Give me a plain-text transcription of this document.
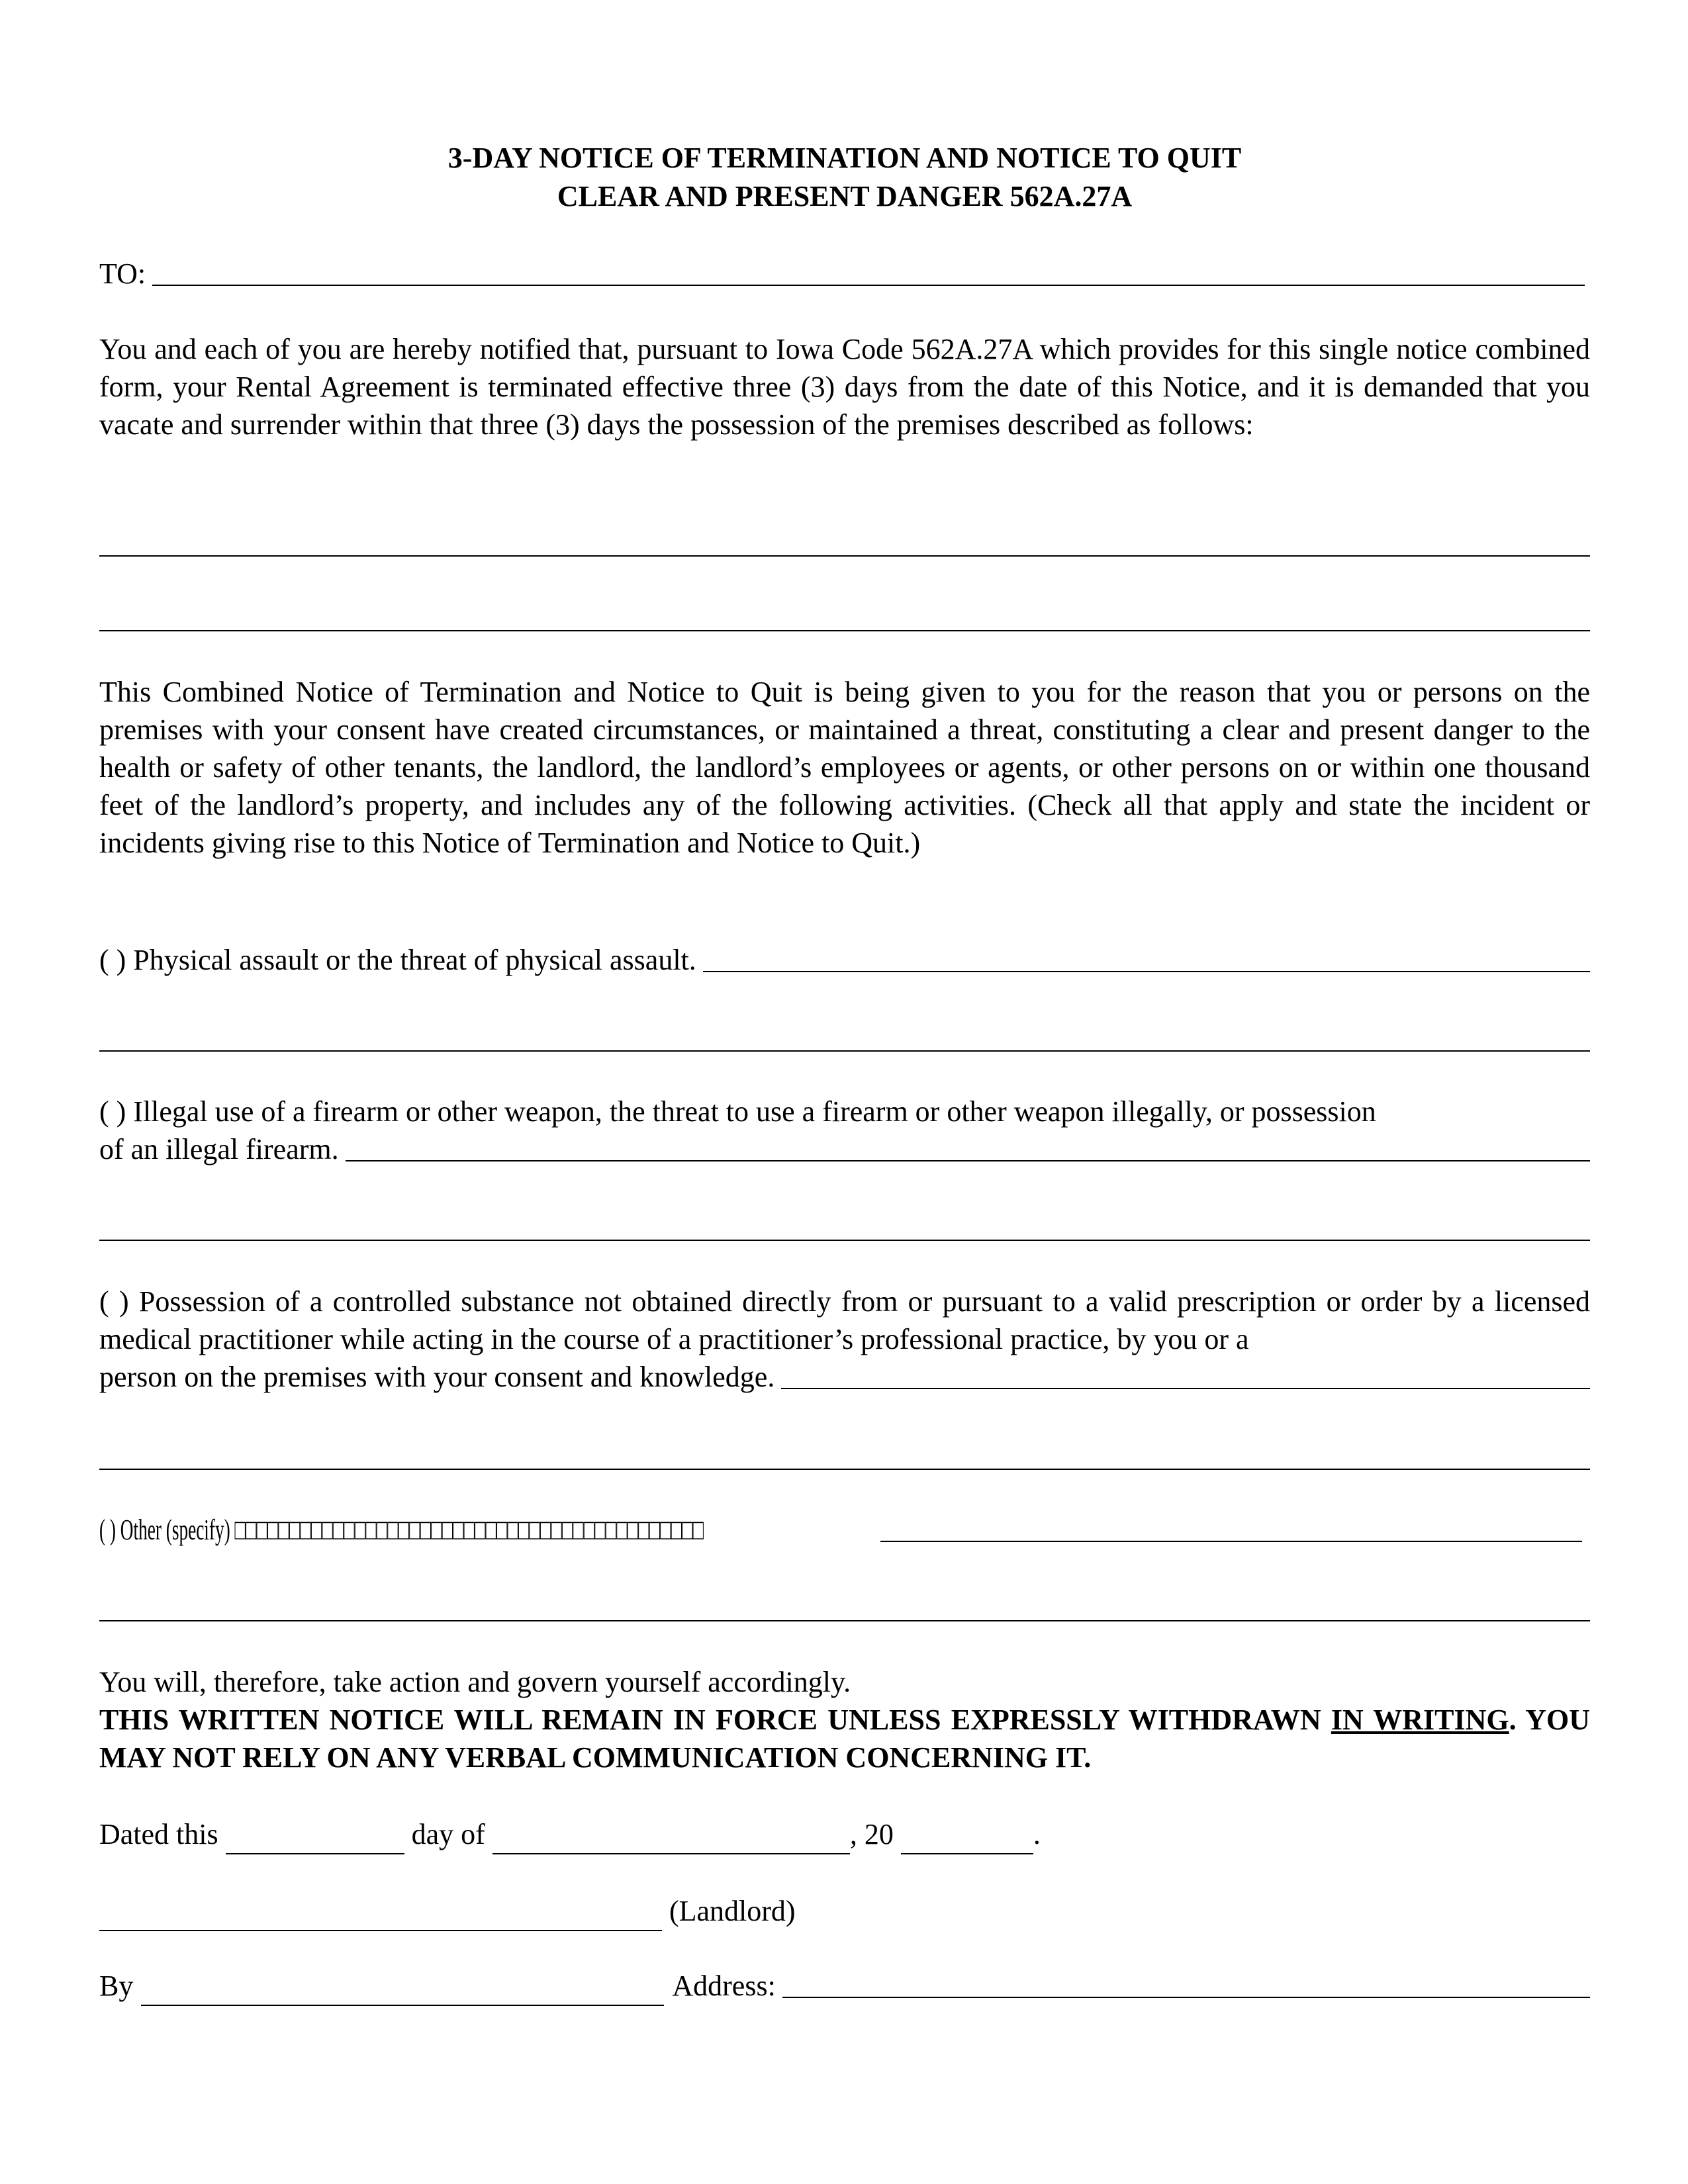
3-DAY NOTICE OF TERMINATION AND NOTICE TO QUIT
CLEAR AND PRESENT DANGER 562A.27A
TO:
You and each of you are hereby notified that, pursuant to Iowa Code 562A.27A which provides for this single notice combined form, your Rental Agreement is terminated effective three (3) days from the date of this Notice, and it is demanded that you vacate and surrender within that three (3) days the possession of the premises described as follows:
This Combined Notice of Termination and Notice to Quit is being given to you for the reason that you or persons on the premises with your consent have created circumstances, or maintained a threat, constituting a clear and present danger to the health or safety of other tenants, the landlord, the landlord’s employees or agents, or other persons on or within one thousand feet of the landlord’s property, and includes any of the following activities. (Check all that apply and state the incident or incidents giving rise to this Notice of Termination and Notice to Quit.)
( ) Physical assault or the threat of physical assault.
( ) Illegal use of a firearm or other weapon, the threat to use a firearm or other weapon illegally, or possession
of an illegal firearm.
( ) Possession of a controlled substance not obtained directly from or pursuant to a valid prescription or order by a licensed medical practitioner while acting in the course of a practitioner’s professional practice, by you or a
person on the premises with your consent and knowledge.
( ) Other (specify) □□□□□□□□□□□□□□□□□□□□□□□□□□□□□□□□□□□□□□□□□□□
You will, therefore, take action and govern yourself accordingly.
THIS WRITTEN NOTICE WILL REMAIN IN FORCE UNLESS EXPRESSLY WITHDRAWN IN WRITING. YOU MAY NOT RELY ON ANY VERBAL COMMUNICATION CONCERNING IT.
Dated this	day of	, 20	.
(Landlord)
By
	Address:
